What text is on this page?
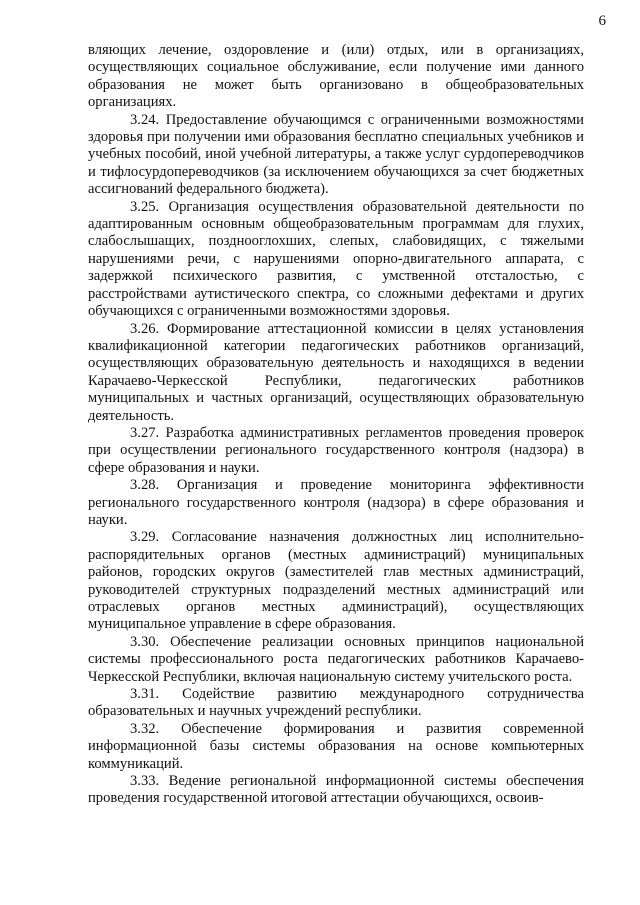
6

вляющих лечение, оздоровление и (или) отдых, или в организациях, осуществляющих социальное обслуживание, если получение ими данного образования не может быть организовано в общеобразовательных организациях.

3.24. Предоставление обучающимся с ограниченными возможностями здоровья при получении ими образования бесплатно специальных учебников и учебных пособий, иной учебной литературы, а также услуг сурдопереводчиков и тифлосурдопереводчиков (за исключением обучающихся за счет бюджетных ассигнований федерального бюджета).

3.25. Организация осуществления образовательной деятельности по адаптированным основным общеобразовательным программам для глухих, слабослышащих, позднооглохших, слепых, слабовидящих, с тяжелыми нарушениями речи, с нарушениями опорно-двигательного аппарата, с задержкой психического развития, с умственной отсталостью, с расстройствами аутистического спектра, со сложными дефектами и других обучающихся с ограниченными возможностями здоровья.

3.26. Формирование аттестационной комиссии в целях установления квалификационной категории педагогических работников организаций, осуществляющих образовательную деятельность и находящихся в ведении Карачаево-Черкесской Республики, педагогических работников муниципальных и частных организаций, осуществляющих образовательную деятельность.

3.27. Разработка административных регламентов проведения проверок при осуществлении регионального государственного контроля (надзора) в сфере образования и науки.

3.28. Организация и проведение мониторинга эффективности регионального государственного контроля (надзора) в сфере образования и науки.

3.29. Согласование назначения должностных лиц исполнительно-распорядительных органов (местных администраций) муниципальных районов, городских округов (заместителей глав местных администраций, руководителей структурных подразделений местных администраций или отраслевых органов местных администраций), осуществляющих муниципальное управление в сфере образования.

3.30. Обеспечение реализации основных принципов национальной системы профессионального роста педагогических работников Карачаево-Черкесской Республики, включая национальную систему учительского роста.

3.31. Содействие развитию международного сотрудничества образовательных и научных учреждений республики.

3.32. Обеспечение формирования и развития современной информационной базы системы образования на основе компьютерных коммуникаций.

3.33. Ведение региональной информационной системы обеспечения проведения государственной итоговой аттестации обучающихся, освоив-
